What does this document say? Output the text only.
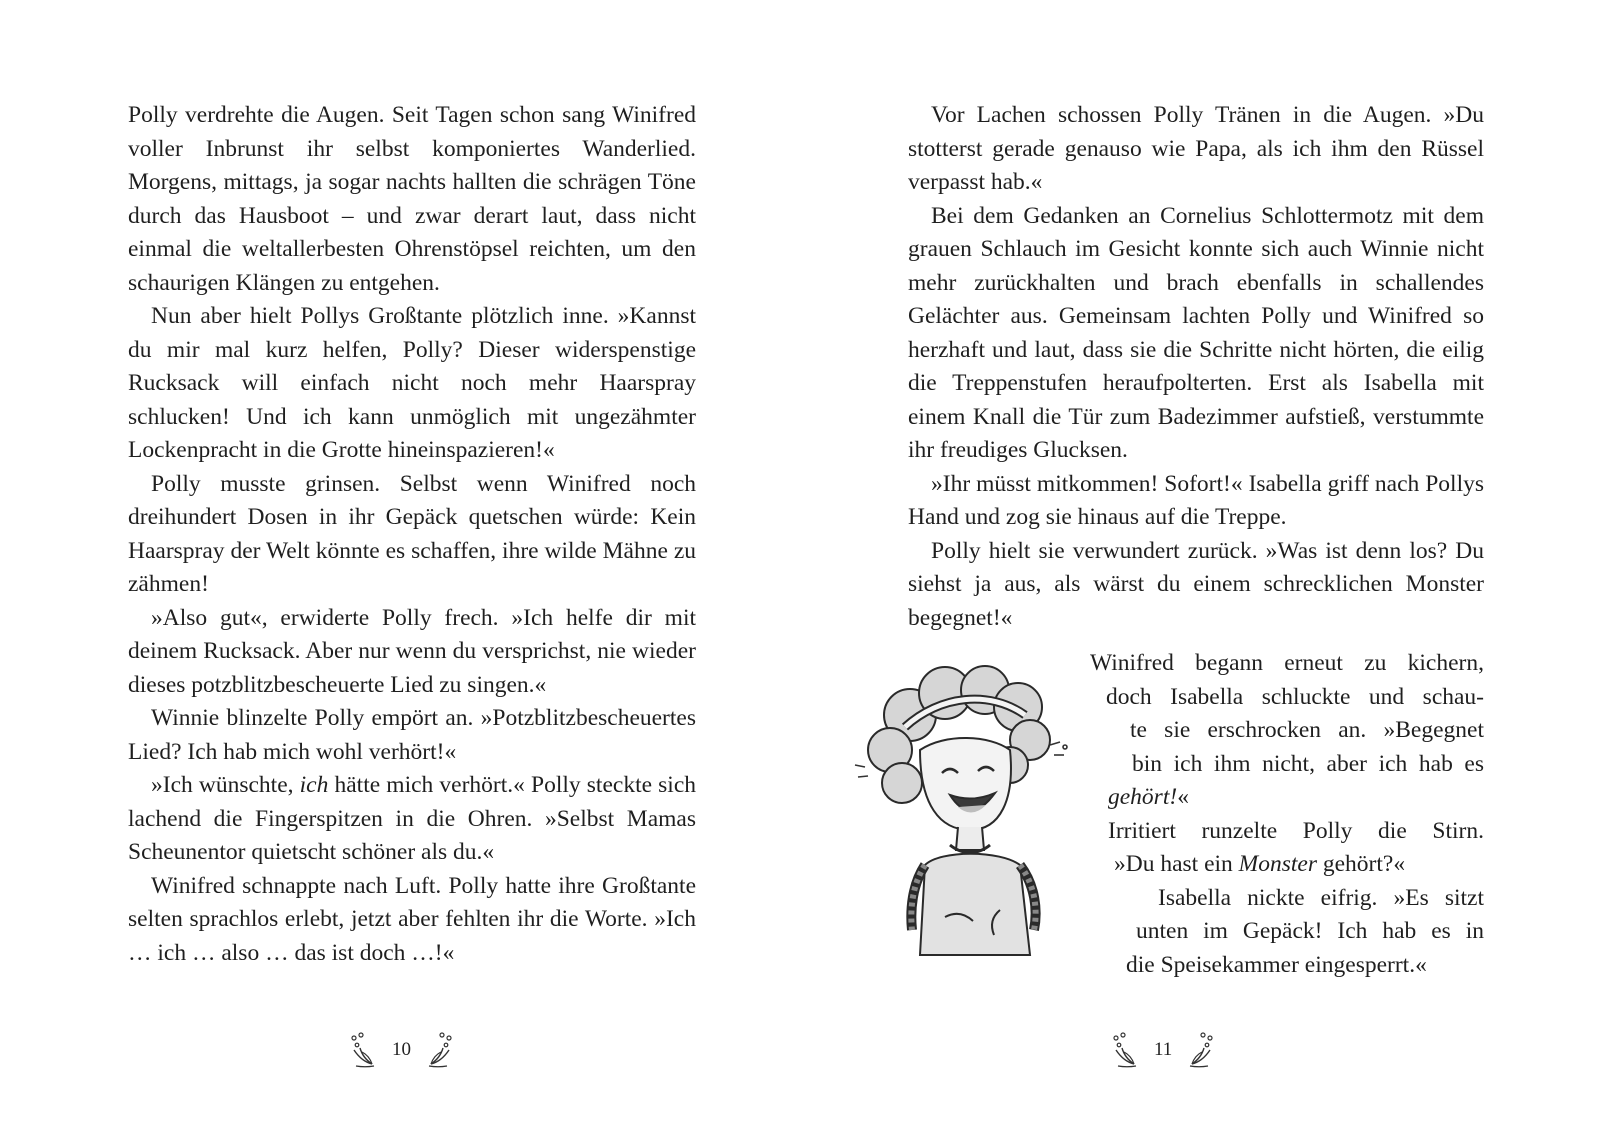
Polly verdrehte die Augen. Seit Tagen schon sang Winifred voller Inbrunst ihr selbst komponiertes Wanderlied. Morgens, mittags, ja sogar nachts hallten die schrägen Töne durch das Hausboot – und zwar derart laut, dass nicht einmal die weltallerbesten Ohrenstöpsel reichten, um den schaurigen Klängen zu entgehen.

Nun aber hielt Pollys Großtante plötzlich inne. »Kannst du mir mal kurz helfen, Polly? Dieser widerspenstige Rucksack will einfach nicht noch mehr Haarspray schlucken! Und ich kann unmöglich mit ungezähmter Lockenpracht in die Grotte hineinspazieren!«

Polly musste grinsen. Selbst wenn Winifred noch dreihundert Dosen in ihr Gepäck quetschen würde: Kein Haarspray der Welt könnte es schaffen, ihre wilde Mähne zu zähmen!

»Also gut«, erwiderte Polly frech. »Ich helfe dir mit deinem Rucksack. Aber nur wenn du versprichst, nie wieder dieses potzblitzbescheuerte Lied zu singen.«

Winnie blinzelte Polly empört an. »Potzblitzbescheuertes Lied? Ich hab mich wohl verhört!«

»Ich wünschte, ich hätte mich verhört.« Polly steckte sich lachend die Fingerspitzen in die Ohren. »Selbst Mamas Scheunentor quietscht schöner als du.«

Winifred schnappte nach Luft. Polly hatte ihre Großtante selten sprachlos erlebt, jetzt aber fehlten ihr die Worte. »Ich … ich … also … das ist doch …!«

10

Vor Lachen schossen Polly Tränen in die Augen. »Du stotterst gerade genauso wie Papa, als ich ihm den Rüssel verpasst hab.«

Bei dem Gedanken an Cornelius Schlottermotz mit dem grauen Schlauch im Gesicht konnte sich auch Winnie nicht mehr zurückhalten und brach ebenfalls in schallendes Gelächter aus. Gemeinsam lachten Polly und Winifred so herzhaft und laut, dass sie die Schritte nicht hörten, die eilig die Treppenstufen heraufpolterten. Erst als Isabella mit einem Knall die Tür zum Badezimmer aufstieß, verstummte ihr freudiges Glucksen.

»Ihr müsst mitkommen! Sofort!« Isabella griff nach Pollys Hand und zog sie hinaus auf die Treppe.

Polly hielt sie verwundert zurück. »Was ist denn los? Du siehst ja aus, als wärst du einem schrecklichen Monster begegnet!«

Winifred begann erneut zu kichern,
doch Isabella schluckte und schau-
te sie erschrocken an. »Begegnet
bin ich ihm nicht, aber ich hab es
gehört!«
Irritiert runzelte Polly die Stirn.
»Du hast ein Monster gehört?«
Isabella nickte eifrig. »Es sitzt
unten im Gepäck! Ich hab es in
die Speisekammer eingesperrt.«
11
